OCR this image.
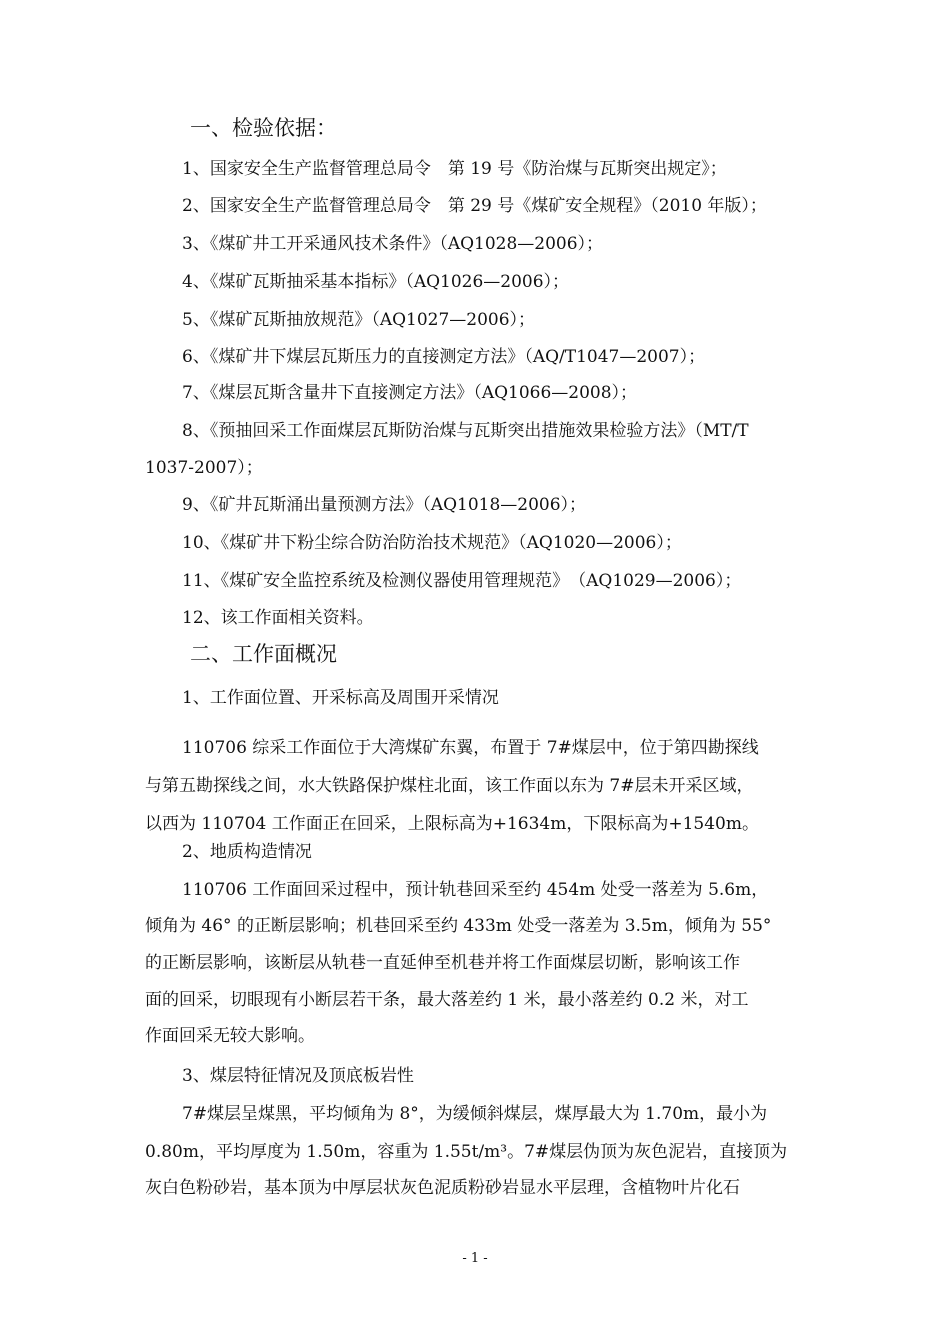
一、检验依据：
1、国家安全生产监督管理总局令　第 19 号《防治煤与瓦斯突出规定》；
2、国家安全生产监督管理总局令　第 29 号《煤矿安全规程》（2010 年版）；
3、《煤矿井工开采通风技术条件》（AQ1028—2006）；
4、《煤矿瓦斯抽采基本指标》（AQ1026—2006）；
5、《煤矿瓦斯抽放规范》（AQ1027—2006）；
6、《煤矿井下煤层瓦斯压力的直接测定方法》（AQ/T1047—2007）；
7、《煤层瓦斯含量井下直接测定方法》（AQ1066—2008）；
8、《预抽回采工作面煤层瓦斯防治煤与瓦斯突出措施效果检验方法》（MT/T
1037-2007）；
9、《矿井瓦斯涌出量预测方法》（AQ1018—2006）；
10、《煤矿井下粉尘综合防治防治技术规范》（AQ1020—2006）；
11、《煤矿安全监控系统及检测仪器使用管理规范》　（AQ1029—2006）；
12、该工作面相关资料。
二、工作面概况
1、工作面位置、开采标高及周围开采情况
110706 综采工作面位于大湾煤矿东翼，布置于 7#煤层中，位于第四勘探线
与第五勘探线之间，水大铁路保护煤柱北面，该工作面以东为 7#层未开采区域，
以西为 110704 工作面正在回采，上限标高为+1634m，下限标高为+1540m。
2、地质构造情况
110706 工作面回采过程中，预计轨巷回采至约 454m 处受一落差为 5.6m，
倾角为 46° 的正断层影响；机巷回采至约 433m 处受一落差为 3.5m，倾角为 55°
的正断层影响，该断层从轨巷一直延伸至机巷并将工作面煤层切断，影响该工作
面的回采，切眼现有小断层若干条，最大落差约 1 米，最小落差约 0.2 米，对工
作面回采无较大影响。
3、煤层特征情况及顶底板岩性
7#煤层呈煤黑，平均倾角为 8°，为缓倾斜煤层，煤厚最大为 1.70m，最小为
0.80m，平均厚度为 1.50m，容重为 1.55t/m³。7#煤层伪顶为灰色泥岩，直接顶为
灰白色粉砂岩，基本顶为中厚层状灰色泥质粉砂岩显水平层理，含植物叶片化石
- 1 -
